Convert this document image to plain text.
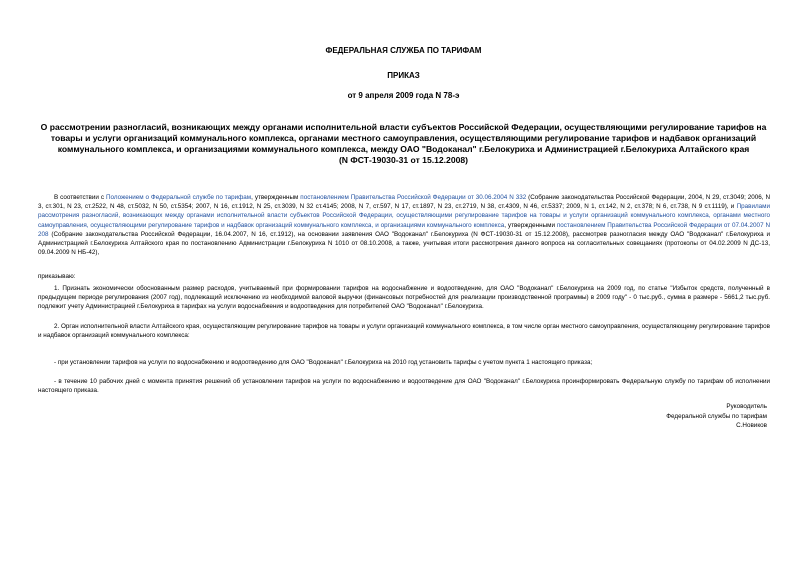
ФЕДЕРАЛЬНАЯ СЛУЖБА ПО ТАРИФАМ
ПРИКАЗ
от 9 апреля 2009 года N 78-э
О рассмотрении разногласий, возникающих между органами исполнительной власти субъектов Российской Федерации, осуществляющими регулирование тарифов на товары и услуги организаций коммунального комплекса, органами местного самоуправления, осуществляющими регулирование тарифов и надбавок организаций коммунального комплекса, и организациями коммунального комплекса, между ОАО "Водоканал" г.Белокуриха и Администрацией г.Белокуриха Алтайского края
(N ФСТ-19030-31 от 15.12.2008)
В соответствии с Положением о Федеральной службе по тарифам, утвержденным постановлением Правительства Российской Федерации от 30.06.2004 N 332 (Собрание законодательства Российской Федерации, 2004, N 29, ст.3049; 2006, N 3, ст.301, N 23, ст.2522, N 48, ст.5032, N 50, ст.5354; 2007, N 16, ст.1912, N 25, ст.3039, N 32 ст.4145; 2008, N 7, ст.597, N 17, ст.1897, N 23, ст.2719, N 38, ст.4309, N 46, ст.5337; 2009, N 1, ст.142, N 2, ст.378; N 6, ст.738, N 9 ст.1119), и Правилами рассмотрения разногласий, возникающих между органами исполнительной власти субъектов Российской Федерации, осуществляющими регулирование тарифов на товары и услуги организаций коммунального комплекса, органами местного самоуправления, осуществляющими регулирование тарифов и надбавок организаций коммунального комплекса, и организациями коммунального комплекса, утвержденными постановлением Правительства Российской Федерации от 07.04.2007 N 208 (Собрание законодательства Российской Федерации, 16.04.2007, N 16, ст.1912), на основании заявления ОАО "Водоканал" г.Белокуриха (N ФСТ-19030-31 от 15.12.2008), рассмотрев разногласия между ОАО "Водоканал" г.Белокуриха и Администрацией г.Белокуриха Алтайского края по постановлению Администрации г.Белокуриха N 1010 от 08.10.2008, а также, учитывая итоги рассмотрения данного вопроса на согласительных совещаниях (протоколы от 04.02.2009 N ДС-13, 09.04.2009 N НБ-42),
приказываю:
1. Признать экономически обоснованным размер расходов, учитываемый при формировании тарифов на водоснабжение и водоотведение, для ОАО "Водоканал" г.Белокуриха на 2009 год, по статье "Избыток средств, полученный в предыдущем периоде регулирования (2007 год), подлежащий исключению из необходимой валовой выручки (финансовых потребностей для реализации производственной программы) в 2009 году" - 0 тыс.руб., сумма в размере - 5661,2 тыс.руб. подлежит учету Администрацией г.Белокуриха в тарифах на услуги водоснабжения и водоотведения для потребителей ОАО "Водоканал" г.Белокуриха.
2. Орган исполнительной власти Алтайского края, осуществляющим регулирование тарифов на товары и услуги организаций коммунального комплекса, в том числе орган местного самоуправления, осуществляющему регулирование тарифов и надбавок организаций коммунального комплекса:
- при установлении тарифов на услуги по водоснабжению и водоотведению для ОАО "Водоканал" г.Белокуриха на 2010 год установить тарифы с учетом пункта 1 настоящего приказа;
- в течение 10 рабочих дней с момента принятия решений об установлении тарифов на услуги по водоснабжению и водоотведение для ОАО "Водоканал" г.Белокуриха проинформировать Федеральную службу по тарифам об исполнении настоящего приказа.
Руководитель
Федеральной службы по тарифам
С.Новиков
